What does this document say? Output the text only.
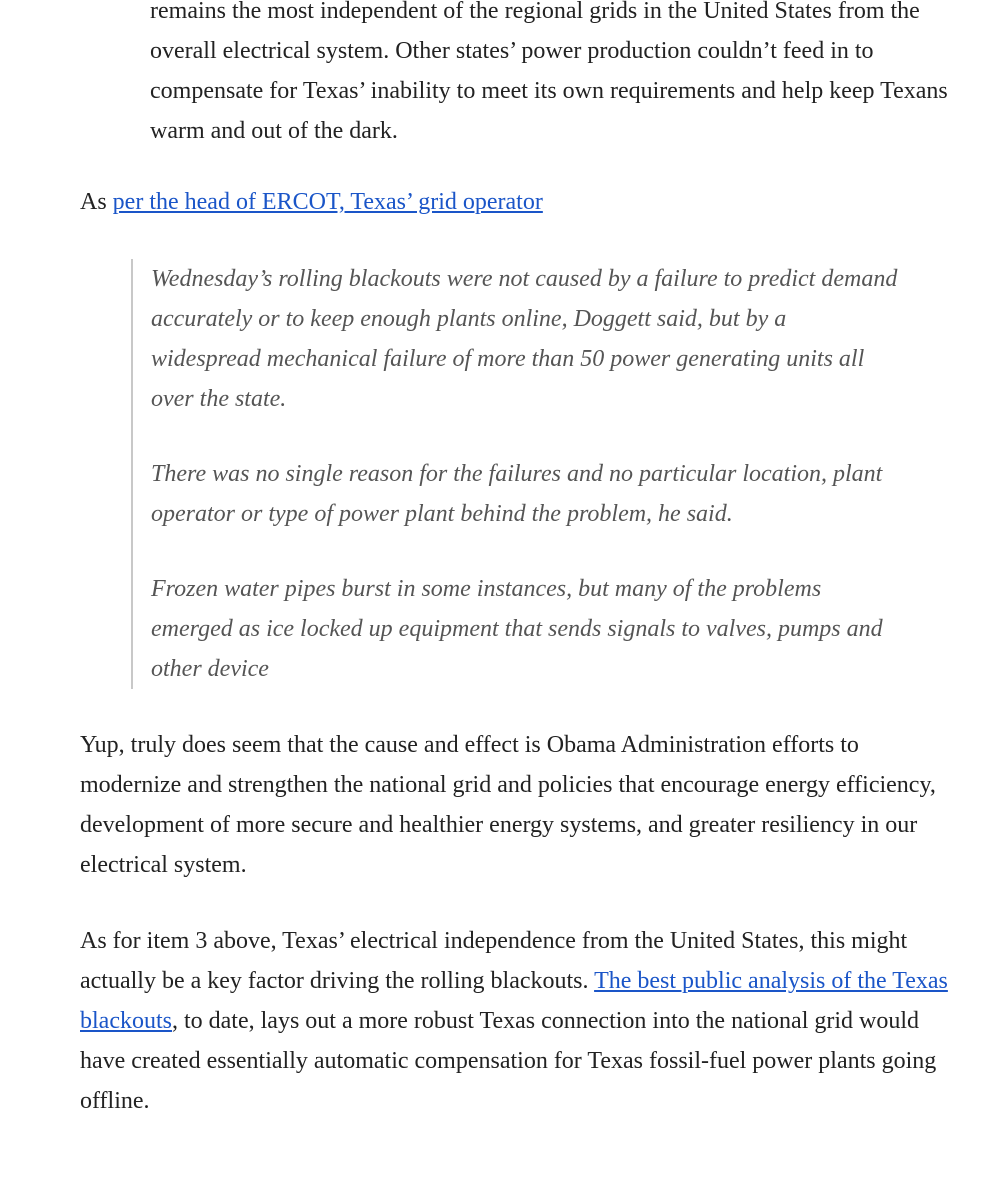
remains the most independent of the regional grids in the United States from the overall electrical system. Other states’ power production couldn’t feed in to compensate for Texas’ inability to meet its own requirements and help keep Texans warm and out of the dark.

As per the head of ERCOT, Texas’ grid operator

Wednesday’s rolling blackouts were not caused by a failure to predict demand accurately or to keep enough plants online, Doggett said, but by a widespread mechanical failure of more than 50 power generating units all over the state.

There was no single reason for the failures and no particular location, plant operator or type of power plant behind the problem, he said.

Frozen water pipes burst in some instances, but many of the problems emerged as ice locked up equipment that sends signals to valves, pumps and other device

Yup, truly does seem that the cause and effect is Obama Administration efforts to modernize and strengthen the national grid and policies that encourage energy efficiency, development of more secure and healthier energy systems, and greater resiliency in our electrical system.

As for item 3 above, Texas’ electrical independence from the United States, this might actually be a key factor driving the rolling blackouts. The best public analysis of the Texas blackouts, to date, lays out a more robust Texas connection into the national grid would have created essentially automatic compensation for Texas fossil-fuel power plants going offline.
